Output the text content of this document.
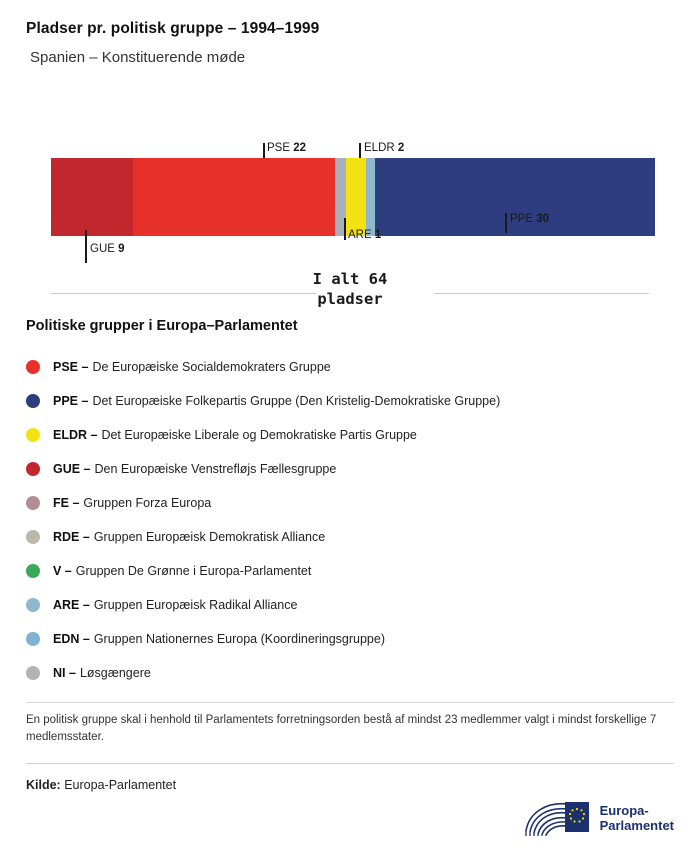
Pladser pr. politisk gruppe – 1994–1999
Spanien – Konstituerende møde
PSE 22	ELDR 2
GUE 9
ARE 1
PPE 30
I alt 64
pladser
Politiske grupper i Europa–Parlamentet
PSE – De Europæiske Socialdemokraters Gruppe
PPE – Det Europæiske Folkepartis Gruppe (Den Kristelig-Demokratiske Gruppe)
ELDR – Det Europæiske Liberale og Demokratiske Partis Gruppe
GUE – Den Europæiske Venstrefløjs Fællesgruppe
FE – Gruppen Forza Europa
RDE – Gruppen Europæisk Demokratisk Alliance
V – Gruppen De Grønne i Europa-Parlamentet
ARE – Gruppen Europæisk Radikal Alliance
EDN – Gruppen Nationernes Europa (Koordineringsgruppe)
NI – Løsgængere
En politisk gruppe skal i henhold til Parlamentets forretningsorden bestå af mindst 23 medlemmer valgt i mindst forskellige 7 medlemsstater.
Kilde: Europa-Parlamentet
Europa-
Parlamentet
